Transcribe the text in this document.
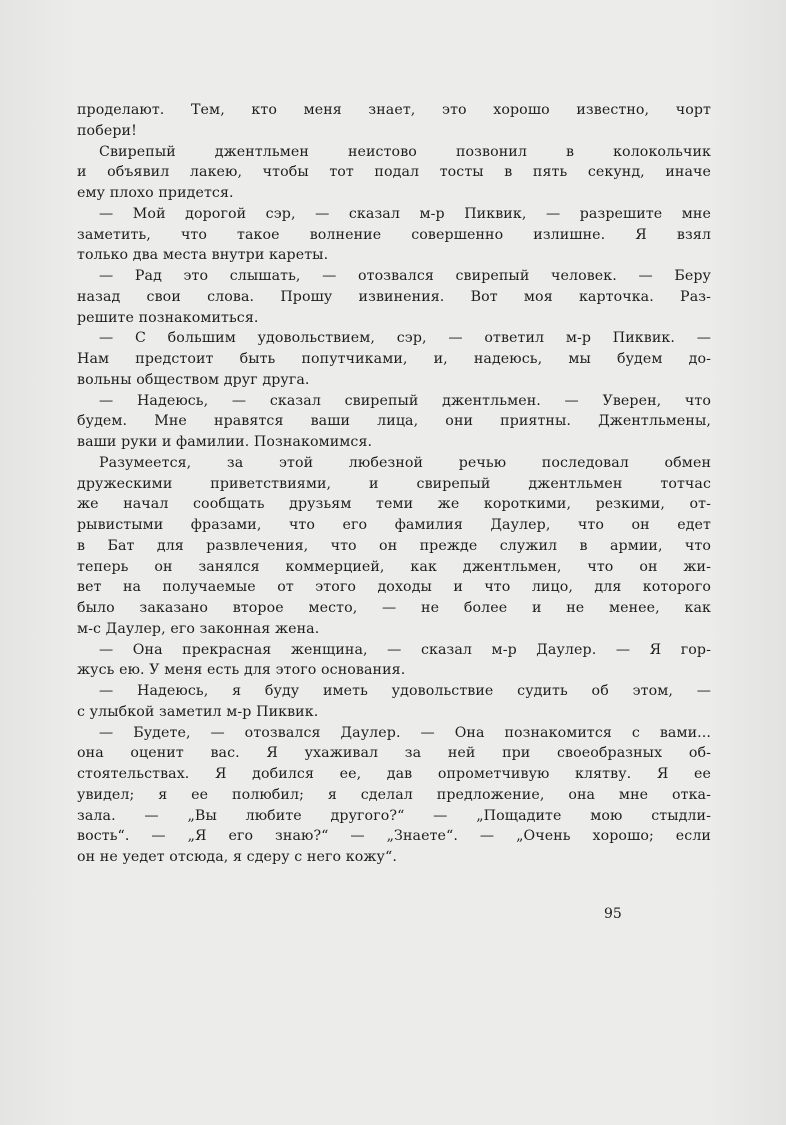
проделают. Тем, кто меня знает, это хорошо известно, чорт
побери!
Свирепый джентльмен неистово позвонил в колокольчик
и объявил лакею, чтобы тот подал тосты в пять секунд, иначе
ему плохо придется.
— Мой дорогой сэр, — сказал м-р Пиквик, — разрешите мне
заметить, что такое волнение совершенно излишне. Я взял
только два места внутри кареты.
— Рад это слышать, — отозвался свирепый человек. — Беру
назад свои слова. Прошу извинения. Вот моя карточка. Раз-
решите познакомиться.
— С большим удовольствием, сэр, — ответил м-р Пиквик. —
Нам предстоит быть попутчиками, и, надеюсь, мы будем до-
вольны обществом друг друга.
— Надеюсь, — сказал свирепый джентльмен. — Уверен, что
будем. Мне нравятся ваши лица, они приятны. Джентльмены,
ваши руки и фамилии. Познакомимся.
Разумеется, за этой любезной речью последовал обмен
дружескими приветствиями, и свирепый джентльмен тотчас
же начал сообщать друзьям теми же короткими, резкими, от-
рывистыми фразами, что его фамилия Даулер, что он едет
в Бат для развлечения, что он прежде служил в армии, что
теперь он занялся коммерцией, как джентльмен, что он жи-
вет на получаемые от этого доходы и что лицо, для которого
было заказано второе место, — не более и не менее, как
м-с Даулер, его законная жена.
— Она прекрасная женщина, — сказал м-р Даулер. — Я гор-
жусь ею. У меня есть для этого основания.
— Надеюсь, я буду иметь удовольствие судить об этом, —
с улыбкой заметил м-р Пиквик.
— Будете, — отозвался Даулер. — Она познакомится с вами...
она оценит вас. Я ухаживал за ней при своеобразных об-
стоятельствах. Я добился ее, дав опрометчивую клятву. Я ее
увидел; я ее полюбил; я сделал предложение, она мне отка-
зала. — „Вы любите другого?“ — „Пощадите мою стыдли-
вость“. — „Я его знаю?“ — „Знаете“. — „Очень хорошо; если
он не уедет отсюда, я сдеру с него кожу“.
95
